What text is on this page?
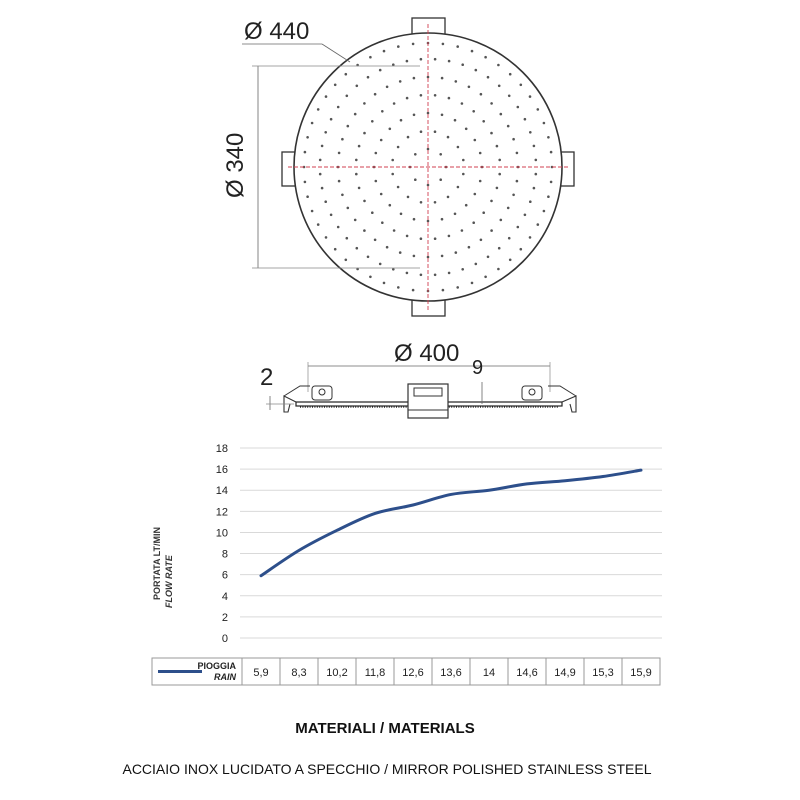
Ø 440
Ø 340
Ø 400
2	9
0
2
4
6
8
10
12
14
16
18
PORTATA LT/MIN FLOW RATE
PIOGGIA
RAIN 5,9 8,3 10,2 11,8 12,6 13,6 14 14,6 14,9 15,3 15,9
MATERIALI / MATERIALS
ACCIAIO INOX LUCIDATO A SPECCHIO / MIRROR POLISHED STAINLESS STEEL
